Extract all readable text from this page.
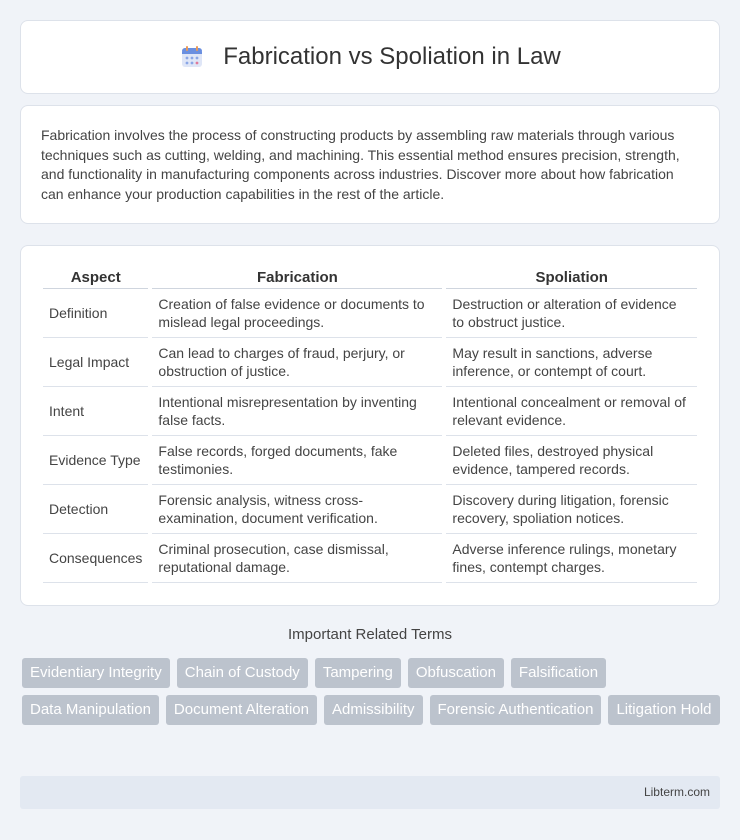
Fabrication vs Spoliation in Law

Fabrication involves the process of constructing products by assembling raw materials through various techniques such as cutting, welding, and machining. This essential method ensures precision, strength, and functionality in manufacturing components across industries. Discover more about how fabrication can enhance your production capabilities in the rest of the article.

Aspect	Fabrication	Spoliation
Definition	Creation of false evidence or documents to mislead legal proceedings.	Destruction or alteration of evidence to obstruct justice.
Legal Impact	Can lead to charges of fraud, perjury, or obstruction of justice.	May result in sanctions, adverse inference, or contempt of court.
Intent	Intentional misrepresentation by inventing false facts.	Intentional concealment or removal of relevant evidence.
Evidence Type	False records, forged documents, fake testimonies.	Deleted files, destroyed physical evidence, tampered records.
Detection	Forensic analysis, witness cross-examination, document verification.	Discovery during litigation, forensic recovery, spoliation notices.
Consequences	Criminal prosecution, case dismissal, reputational damage.	Adverse inference rulings, monetary fines, contempt charges.
Important Related Terms
Evidentiary Integrity	Chain of Custody	Tampering	Obfuscation	Falsification
Data Manipulation	Document Alteration	Admissibility	Forensic Authentication	Litigation Hold
Libterm.com
